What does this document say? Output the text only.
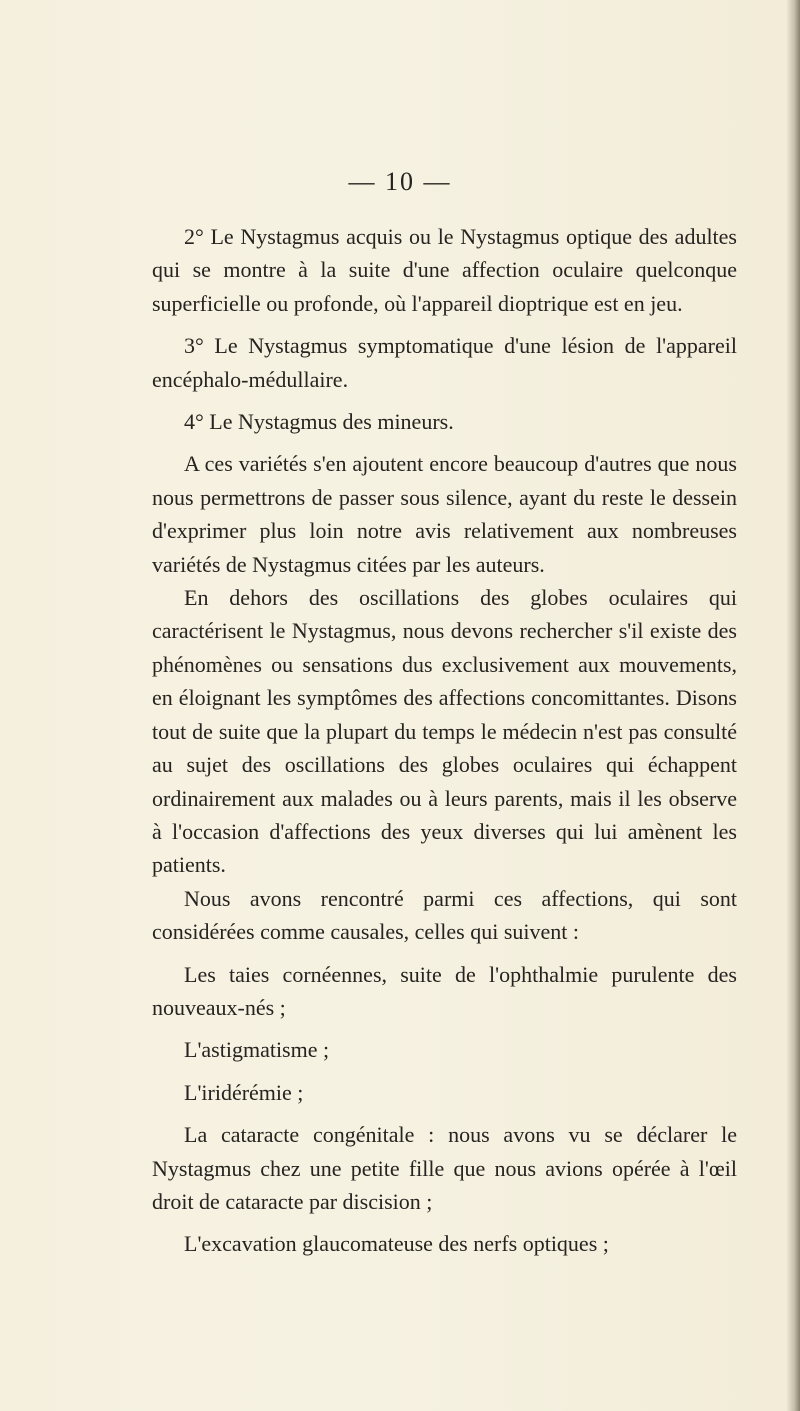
— 10 —

2° Le Nystagmus acquis ou le Nystagmus optique des adultes qui se montre à la suite d'une affection oculaire quelconque superficielle ou profonde, où l'appareil dioptrique est en jeu.

3° Le Nystagmus symptomatique d'une lésion de l'appareil encéphalo-médullaire.

4° Le Nystagmus des mineurs.

A ces variétés s'en ajoutent encore beaucoup d'autres que nous nous permettrons de passer sous silence, ayant du reste le dessein d'exprimer plus loin notre avis relativement aux nombreuses variétés de Nystagmus citées par les auteurs.

En dehors des oscillations des globes oculaires qui caractérisent le Nystagmus, nous devons rechercher s'il existe des phénomènes ou sensations dus exclusivement aux mouvements, en éloignant les symptômes des affections concomittantes. Disons tout de suite que la plupart du temps le médecin n'est pas consulté au sujet des oscillations des globes oculaires qui échappent ordinairement aux malades ou à leurs parents, mais il les observe à l'occasion d'affections des yeux diverses qui lui amènent les patients.

Nous avons rencontré parmi ces affections, qui sont considérées comme causales, celles qui suivent :

Les taies cornéennes, suite de l'ophthalmie purulente des nouveaux-nés ;

L'astigmatisme ;

L'iridérémie ;

La cataracte congénitale : nous avons vu se déclarer le Nystagmus chez une petite fille que nous avions opérée à l'œil droit de cataracte par discision ;

L'excavation glaucomateuse des nerfs optiques ;
